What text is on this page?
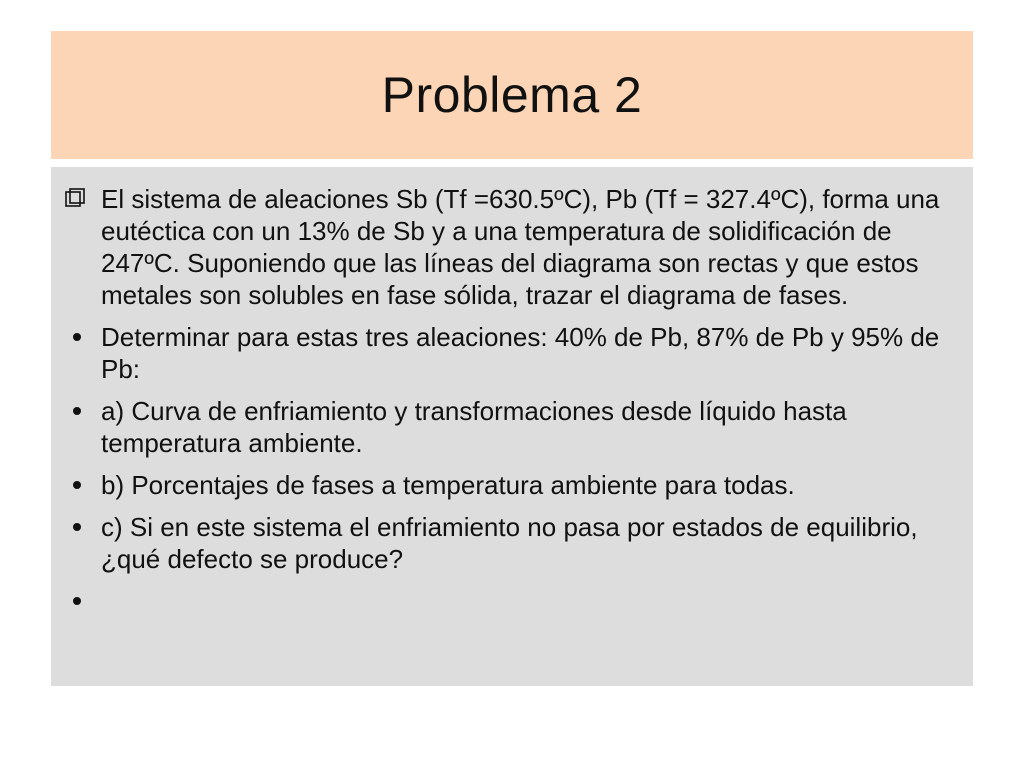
Problema 2
El sistema de aleaciones Sb (Tf =630.5ºC), Pb (Tf = 327.4ºC), forma una eutéctica con un 13% de Sb y a una temperatura de solidificación de 247ºC. Suponiendo que las líneas del diagrama son rectas y que estos metales son solubles en fase sólida, trazar el diagrama de fases.
Determinar para estas tres aleaciones: 40% de Pb, 87% de Pb y 95% de Pb:
a) Curva de enfriamiento y transformaciones desde líquido hasta temperatura ambiente.
b) Porcentajes de fases a temperatura ambiente para todas.
c) Si en este sistema el enfriamiento no pasa por estados de equilibrio, ¿qué defecto se produce?
